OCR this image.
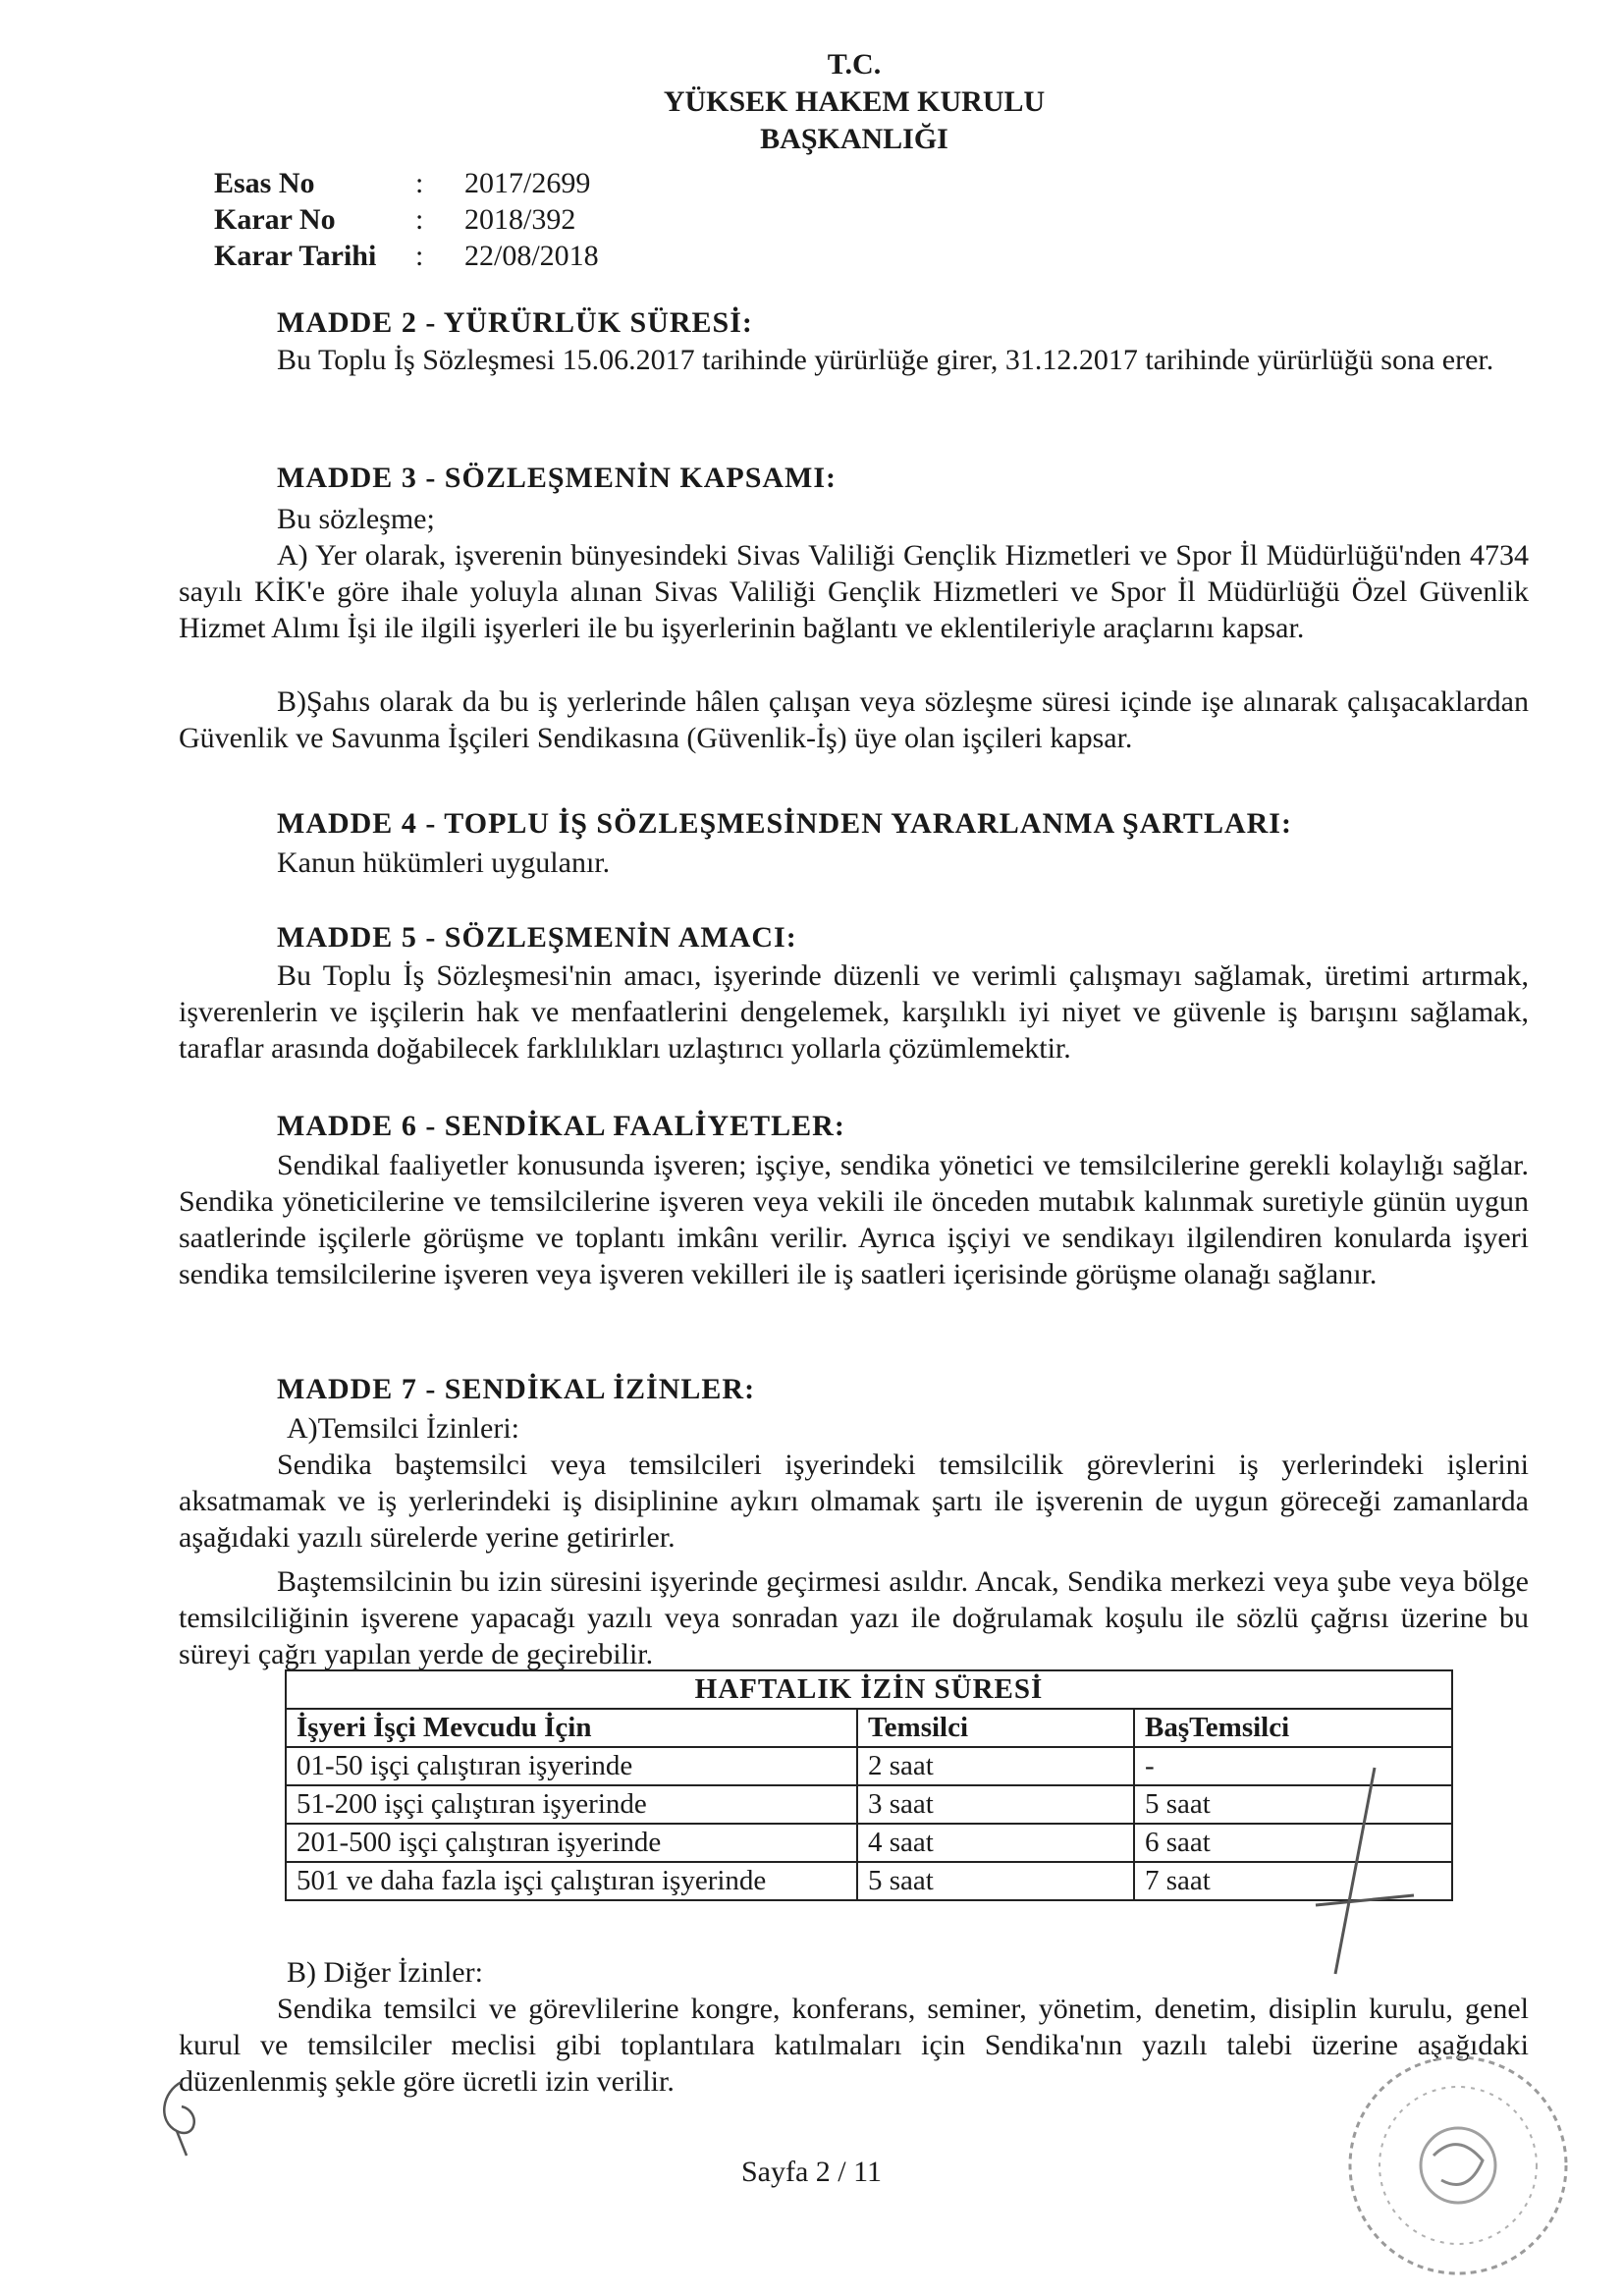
T.C.
YÜKSEK HAKEM KURULU
BAŞKANLIĞI
Esas No	: 2017/2699
Karar No	: 2018/392
Karar Tarihi : 22/08/2018
MADDE 2 - YÜRÜRLÜK SÜRESİ:
Bu Toplu İş Sözleşmesi 15.06.2017 tarihinde yürürlüğe girer, 31.12.2017 tarihinde yürürlüğü sona erer.
MADDE 3 - SÖZLEŞMENİN KAPSAMI:
Bu sözleşme;
A) Yer olarak, işverenin bünyesindeki Sivas Valiliği Gençlik Hizmetleri ve Spor İl Müdürlüğü'nden 4734 sayılı KİK'e göre ihale yoluyla alınan Sivas Valiliği Gençlik Hizmetleri ve Spor İl Müdürlüğü Özel Güvenlik Hizmet Alımı İşi ile ilgili işyerleri ile bu işyerlerinin bağlantı ve eklentileriyle araçlarını kapsar.
B)Şahıs olarak da bu iş yerlerinde hâlen çalışan veya sözleşme süresi içinde işe alınarak çalışacaklardan Güvenlik ve Savunma İşçileri Sendikasına (Güvenlik-İş) üye olan işçileri kapsar.
MADDE 4 - TOPLU İŞ SÖZLEŞMESİNDEN YARARLANMA ŞARTLARI:
Kanun hükümleri uygulanır.
MADDE 5 - SÖZLEŞMENİN AMACI:
Bu Toplu İş Sözleşmesi'nin amacı, işyerinde düzenli ve verimli çalışmayı sağlamak, üretimi artırmak, işverenlerin ve işçilerin hak ve menfaatlerini dengelemek, karşılıklı iyi niyet ve güvenle iş barışını sağlamak, taraflar arasında doğabilecek farklılıkları uzlaştırıcı yollarla çözümlemektir.
MADDE 6 - SENDİKAL FAALİYETLER:
Sendikal faaliyetler konusunda işveren; işçiye, sendika yönetici ve temsilcilerine gerekli kolaylığı sağlar. Sendika yöneticilerine ve temsilcilerine işveren veya vekili ile önceden mutabık kalınmak suretiyle günün uygun saatlerinde işçilerle görüşme ve toplantı imkânı verilir. Ayrıca işçiyi ve sendikayı ilgilendiren konularda işyeri sendika temsilcilerine işveren veya işveren vekilleri ile iş saatleri içerisinde görüşme olanağı sağlanır.
MADDE 7 - SENDİKAL İZİNLER:
A)Temsilci İzinleri:
Sendika baştemsilci veya temsilcileri işyerindeki temsilcilik görevlerini iş yerlerindeki işlerini aksatmamak ve iş yerlerindeki iş disiplinine aykırı olmamak şartı ile işverenin de uygun göreceği zamanlarda aşağıdaki yazılı sürelerde yerine getirirler.
Baştemsilcinin bu izin süresini işyerinde geçirmesi asıldır. Ancak, Sendika merkezi veya şube veya bölge temsilciliğinin işverene yapacağı yazılı veya sonradan yazı ile doğrulamak koşulu ile sözlü çağrısı üzerine bu süreyi çağrı yapılan yerde de geçirebilir.
HAFTALIK İZİN SÜRESİ		
İşyeri İşçi Mevcudu İçin	Temsilci	BaşTemsilci
01-50 işçi çalıştıran işyerinde	2 saat	-
51-200 işçi çalıştıran işyerinde	3 saat	5 saat
201-500 işçi çalıştıran işyerinde	4 saat	6 saat
501 ve daha fazla işçi çalıştıran işyerinde	5 saat	7 saat
B) Diğer İzinler:
Sendika temsilci ve görevlilerine kongre, konferans, seminer, yönetim, denetim, disiplin kurulu, genel kurul ve temsilciler meclisi gibi toplantılara katılmaları için Sendika'nın yazılı talebi üzerine aşağıdaki düzenlenmiş şekle göre ücretli izin verilir.
Sayfa 2 / 11
